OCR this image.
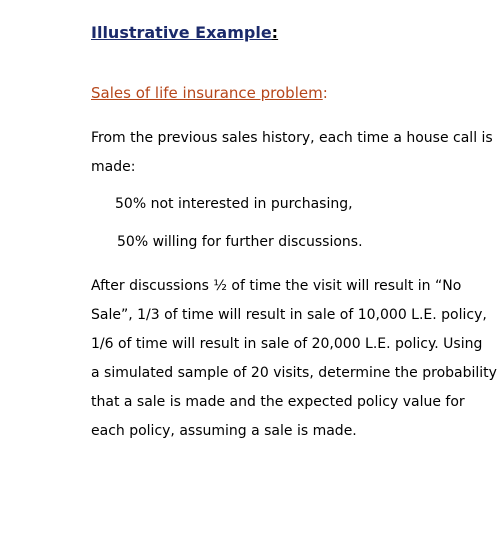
Illustrative Example:
Sales of life insurance problem:
From the previous sales history, each time a house call is
made:
50% not interested in purchasing,
50% willing for further discussions.
After discussions ½ of time the visit will result in “No
Sale”, 1/3 of time will result in sale of 10,000 L.E. policy,
1/6 of time will result in sale of 20,000 L.E. policy. Using
a simulated sample of 20 visits, determine the probability
that a sale is made and the expected policy value for
each policy, assuming a sale is made.
